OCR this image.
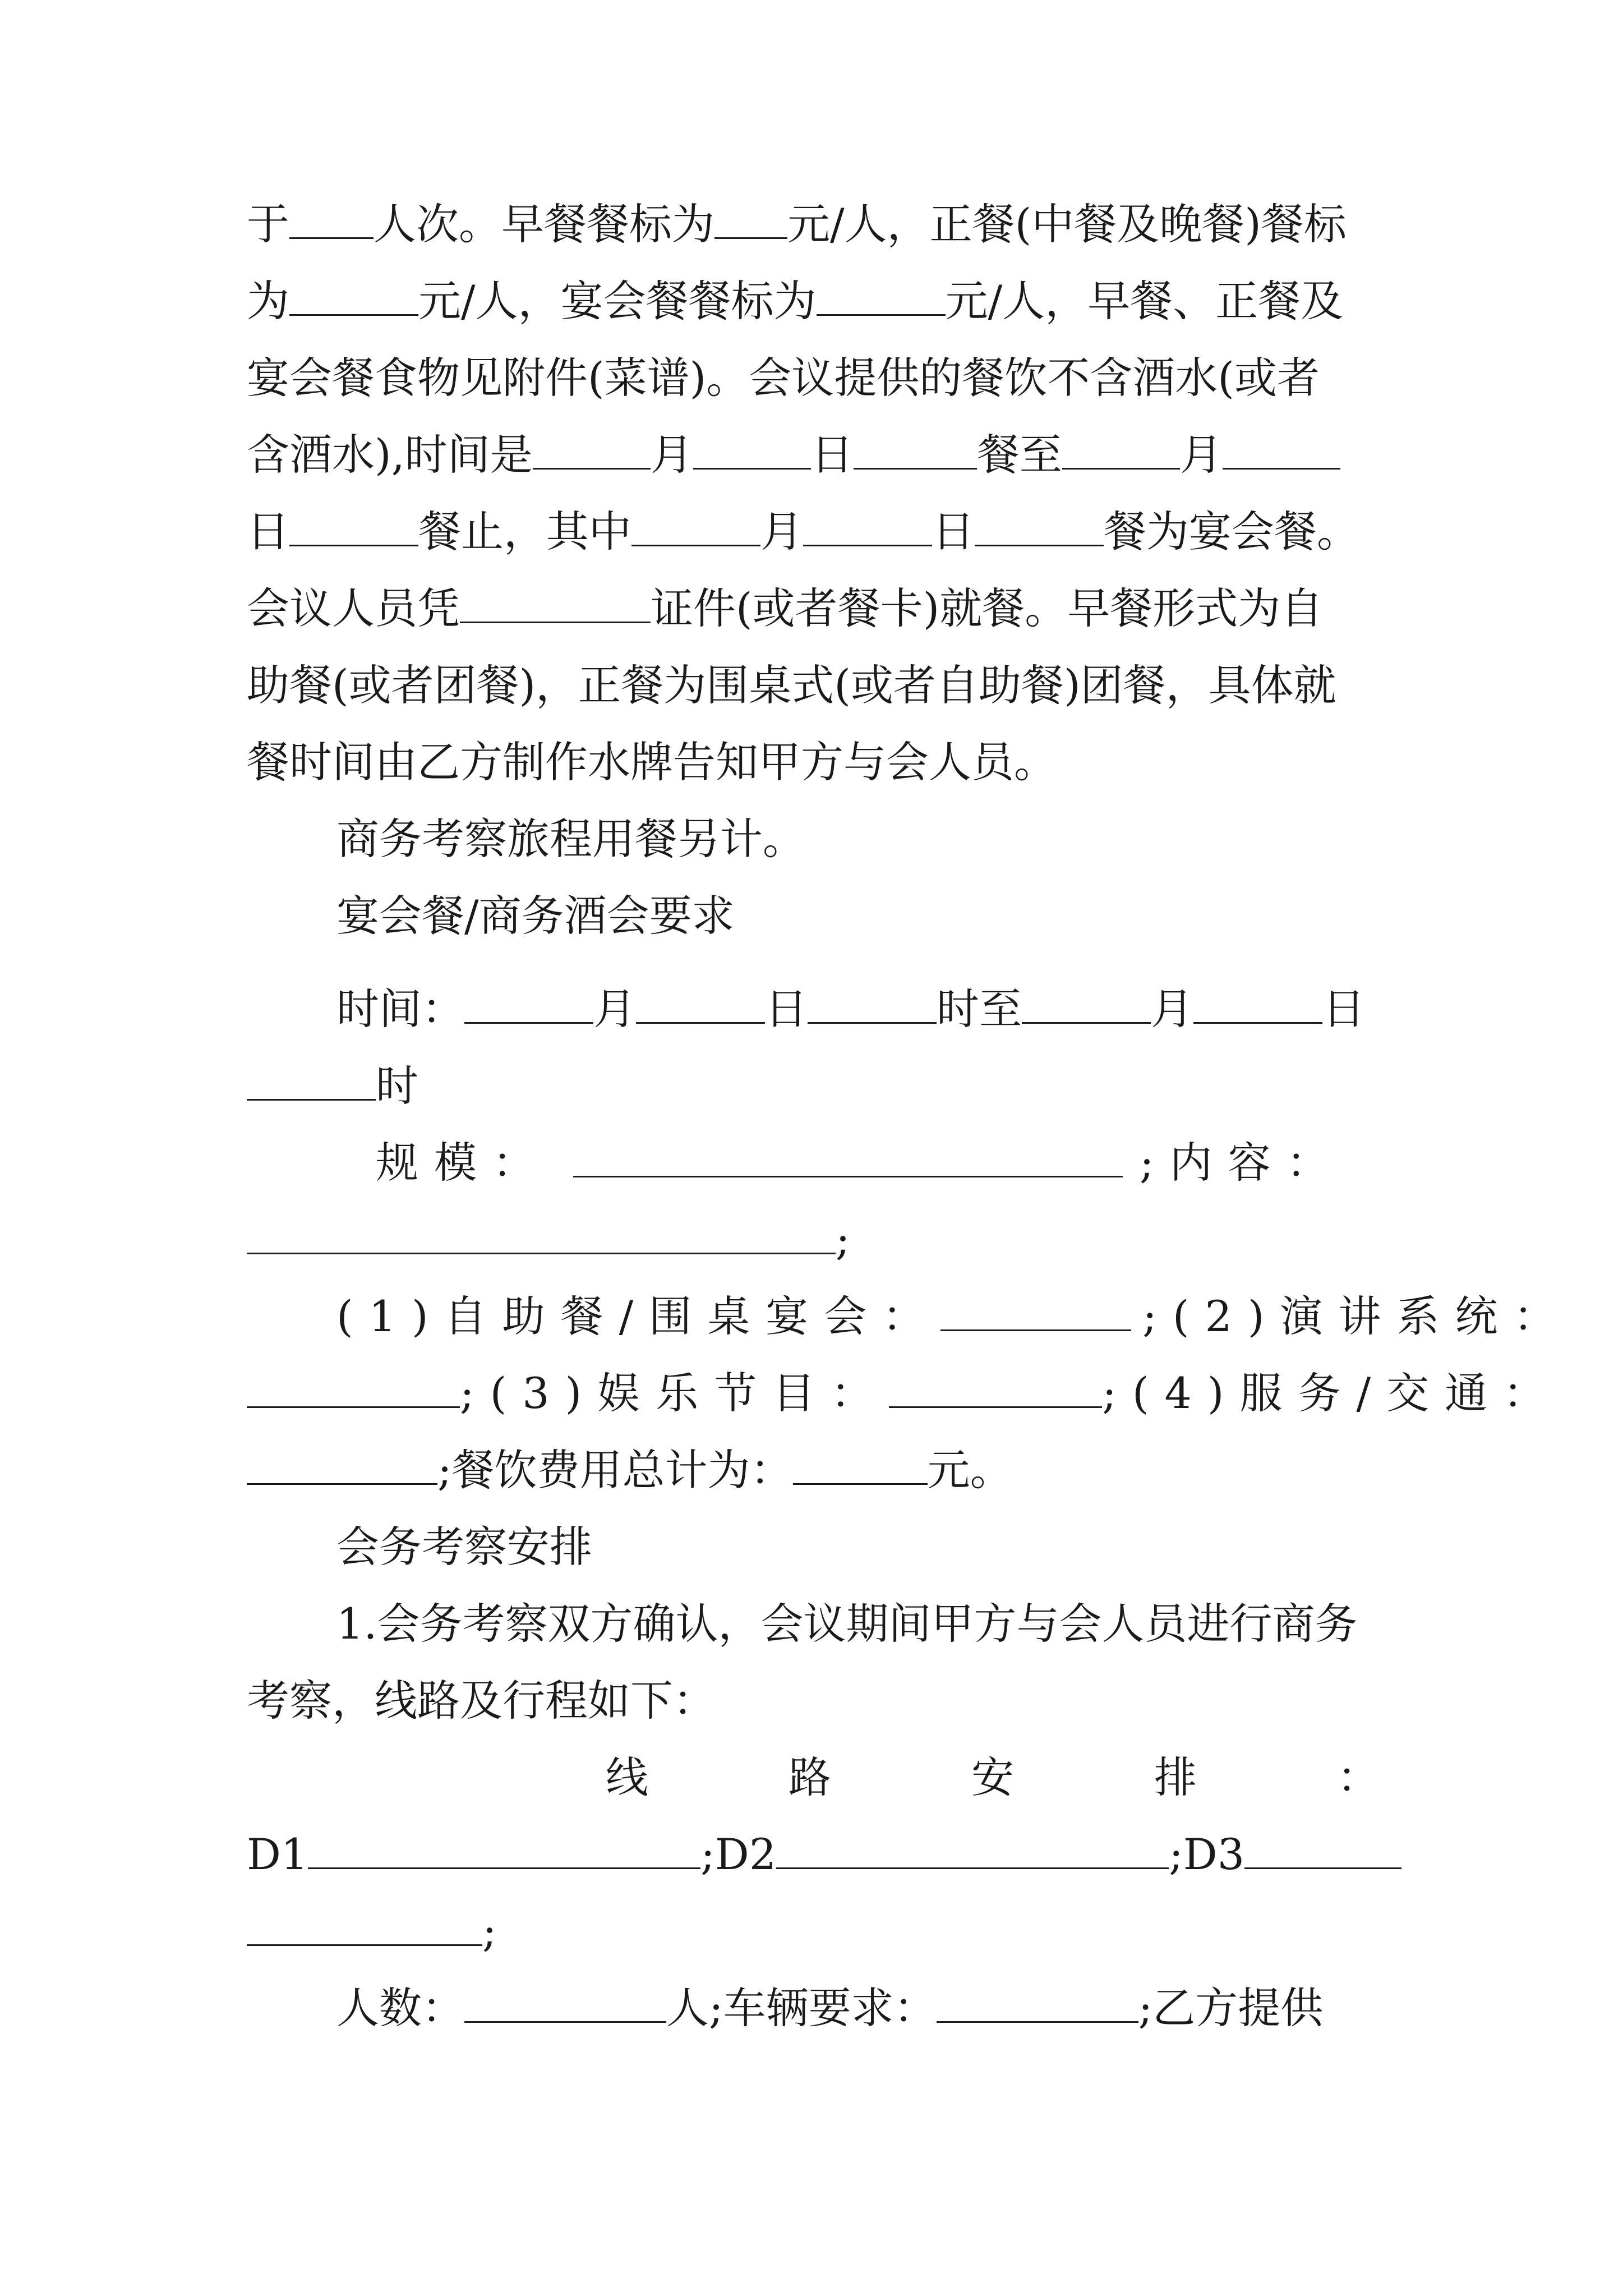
于 人次。早餐餐标为 元/人，正餐(中餐及晚餐)餐标
为	元/人，宴会餐餐标为	元/人，早餐、正餐及
宴会餐食物见附件(菜谱)。会议提供的餐饮不含酒水(或者
含酒水),时间是	月	日	餐至	月
日	餐止，其中	月	日	餐为宴会餐。
会议人员凭	证件(或者餐卡)就餐。早餐形式为自
助餐(或者团餐)，正餐为围桌式(或者自助餐)团餐，具体就
餐时间由乙方制作水牌告知甲方与会人员。
商务考察旅程用餐另计。
宴会餐/商务酒会要求
时间：	月	日	时至	月	日
时
规模：	;内容：
;
(1)自助餐/围桌宴会：	;(2)演讲系统：
;(3)娱乐节目：	;(4)服务/交通：
;餐饮费用总计为：	元。
会务考察安排
1.会务考察双方确认，会议期间甲方与会人员进行商务
考察，线路及行程如下：
线	路	安	排	：
D1	;D2	;D3
;
人数：	人;车辆要求：	;乙方提供
